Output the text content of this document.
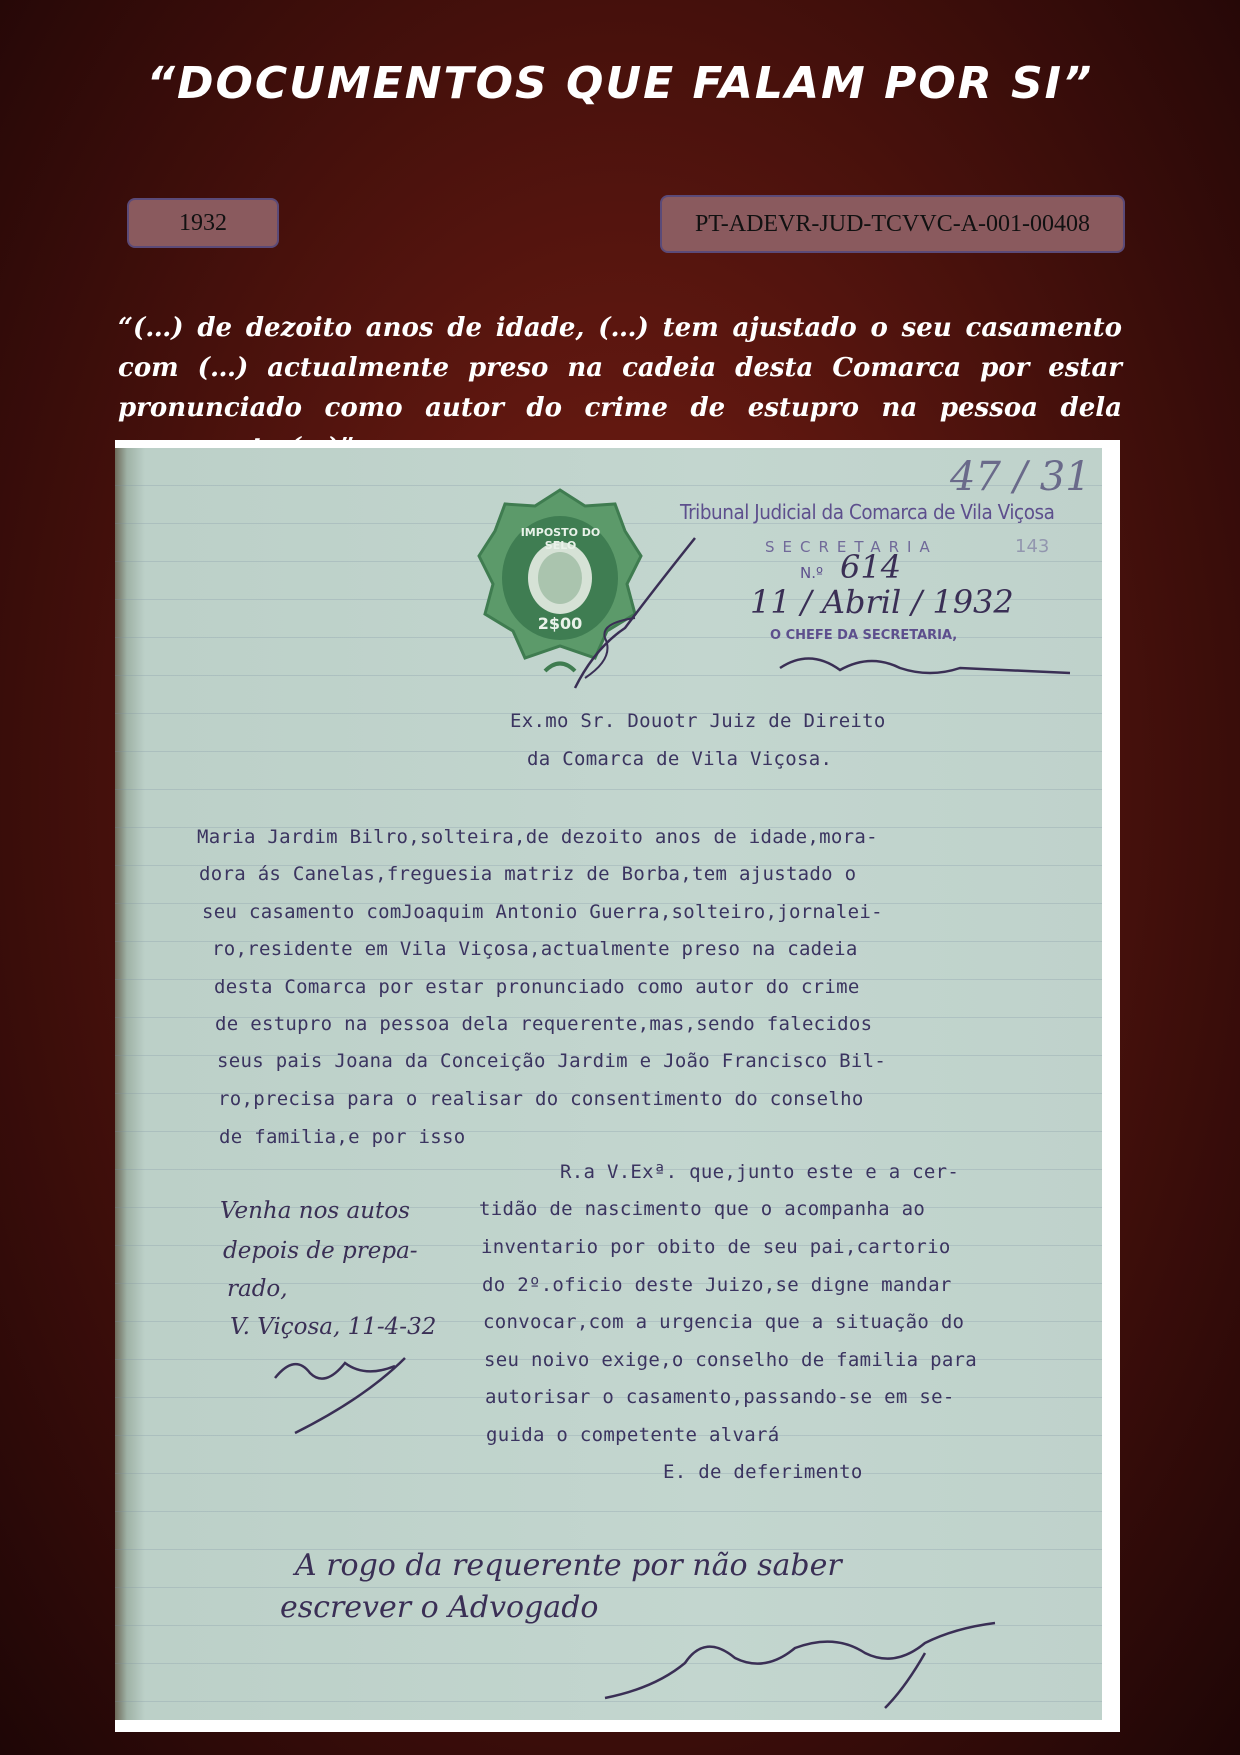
“DOCUMENTOS QUE FALAM POR SI”
1932	PT-ADEVR-JUD-TCVVC-A-001-00408
“(…) de dezoito anos de idade, (…) tem ajustado o seu casamento com (…) actualmente preso na cadeia desta Comarca por estar pronunciado como autor do crime de estupro na pessoa dela
IMPOSTO DO SELO
2$00
47 / 31
Tribunal Judicial da Comarca de Vila Viçosa
SECRETARIA	143
N.º 614
11 / Abril / 1932
O CHEFE DA SECRETARIA,
Ex.mo Sr. Douotr Juiz de Direito
da Comarca de Vila Viçosa.
Maria Jardim Bilro,solteira,de dezoito anos de idade,mora-
dora ás Canelas,freguesia matriz de Borba,tem ajustado o
seu casamento comJoaquim Antonio Guerra,solteiro,jornalei-
ro,residente em Vila Viçosa,actualmente preso na cadeia
desta Comarca por estar pronunciado como autor do crime
de estupro na pessoa dela requerente,mas,sendo falecidos
seus pais Joana da Conceição Jardim e João Francisco Bil-
ro,precisa para o realisar do consentimento do conselho
de familia,e por isso
R.a V.Exª. que,junto este e a cer-
tidão de nascimento que o acompanha ao
inventario por obito de seu pai,cartorio
do 2º.oficio deste Juizo,se digne mandar
convocar,com a urgencia que a situação do
seu noivo exige,o conselho de familia para
autorisar o casamento,passando-se em se-
guida o competente alvará
E. de deferimento
Venha nos autos
depois de prepa-
rado,
V. Viçosa, 11-4-32
A rogo da requerente por não saber
escrever o Advogado
